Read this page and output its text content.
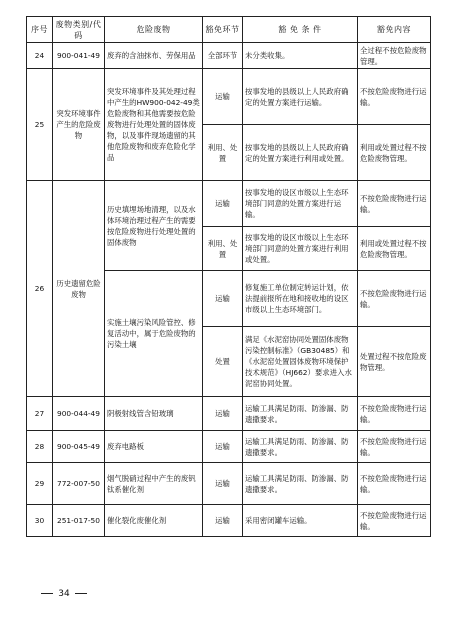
序号	废物类别/代码	危险废物	豁免环节	豁 免 条 件	豁免内容
24	900-041-49	废弃的含油抹布、劳保用品	全部环节	未分类收集。	全过程不按危险废物管理。
25	突发环境事件产生的危险废物	突发环境事件及其处理过程中产生的HW900-042-49类危险废物和其他需要按危险废物进行处理处置的固体废物，以及事件现场遗留的其他危险废物和废弃危险化学品	运输	按事发地的县级以上人民政府确定的处置方案进行运输。	不按危险废物进行运输。
			利用、处置	按事发地的县级以上人民政府确定的处置方案进行利用或处置。	利用或处置过程不按危险废物管理。
26	历史遗留危险废物	历史填埋场地清理，以及水体环境治理过程产生的需要按危险废物进行处理处置的固体废物	运输	按事发地的设区市级以上生态环境部门同意的处置方案进行运输。	不按危险废物进行运输。
			利用、处置	按事发地的设区市级以上生态环境部门同意的处置方案进行利用或处置。	利用或处置过程不按危险废物管理。
		实施土壤污染风险管控、修复活动中，属于危险废物的污染土壤	运输	修复施工单位制定转运计划，依法提前报所在地和接收地的设区市级以上生态环境部门。	不按危险废物进行运输。
			处置	满足《水泥窑协同处置固体废物污染控制标准》（GB30485）和《水泥窑处置固体废物环境保护技术规范》（HJ662）要求进入水泥窑协同处置。	处置过程不按危险废物管理。
27	900-044-49	阴极射线管含铅玻璃	运输	运输工具满足防雨、防渗漏、防遗撒要求。	不按危险废物进行运输。
28	900-045-49	废弃电路板	运输	运输工具满足防雨、防渗漏、防遗撒要求。	不按危险废物进行运输。
29	772-007-50	烟气脱硝过程中产生的废钒钛系催化剂	运输	运输工具满足防雨、防渗漏、防遗撒要求。	不按危险废物进行运输。
30	251-017-50	催化裂化废催化剂	运输	采用密闭罐车运输。	不按危险废物进行运输。
34
